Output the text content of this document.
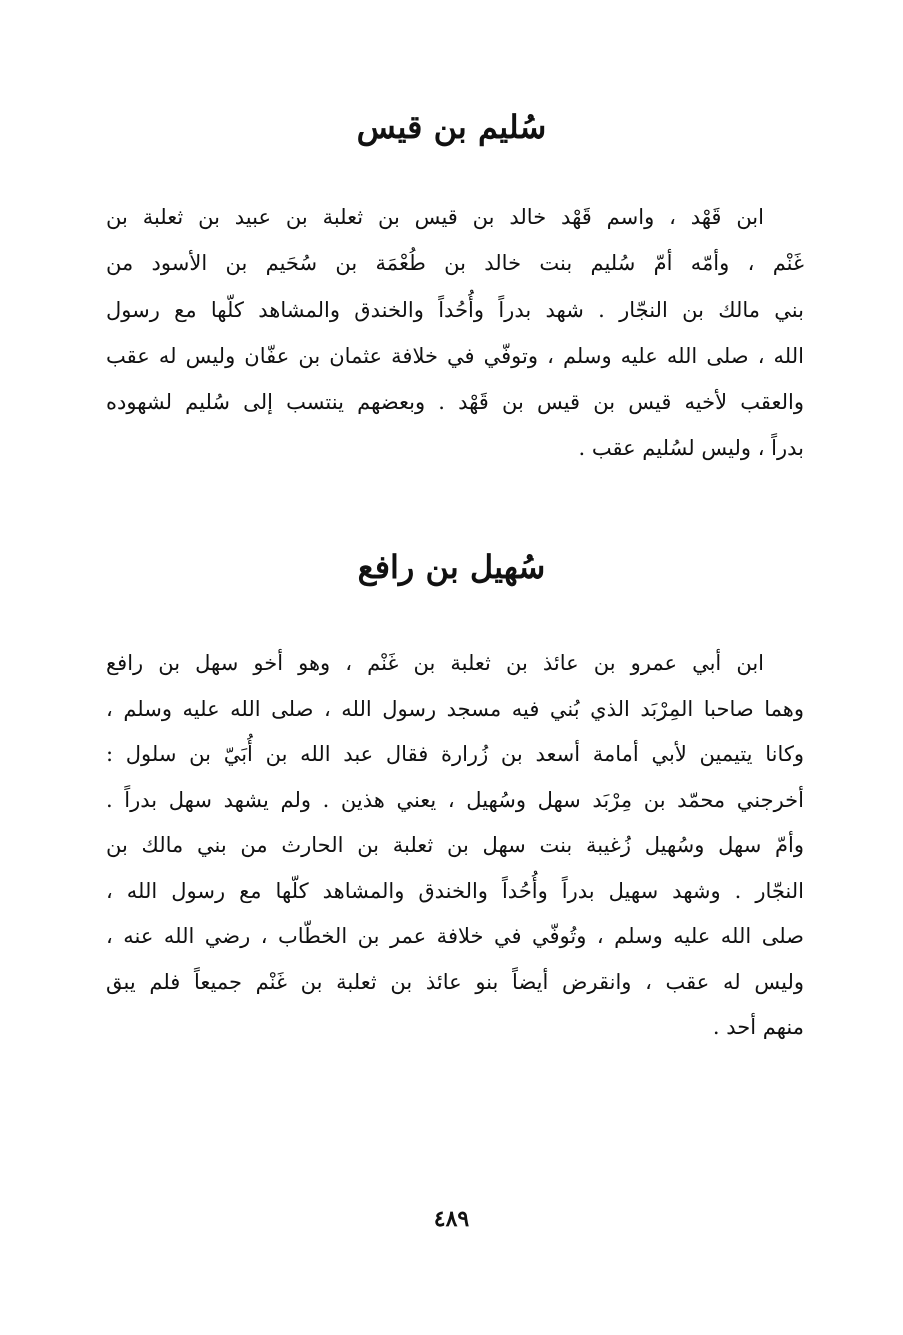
سُليم بن قيس
ابن قَهْد ، واسم قَهْد خالد بن قيس بن ثعلبة بن عبيد بن ثعلبة بن
غَنْم ، وأمّه أمّ سُليم بنت خالد بن طُعْمَة بن سُحَيم بن الأسود من
بني مالك بن النجّار . شهد بدراً وأُحُداً والخندق والمشاهد كلّها مع رسول
الله ، صلى الله عليه وسلم ، وتوفّي في خلافة عثمان بن عفّان وليس له عقب
والعقب لأخيه قيس بن قيس بن قَهْد . وبعضهم ينتسب إلى سُليم لشهوده
بدراً ، وليس لسُليم عقب .
سُهيل بن رافع
ابن أبي عمرو بن عائذ بن ثعلبة بن غَنْم ، وهو أخو سهل بن رافع
وهما صاحبا المِرْبَد الذي بُني فيه مسجد رسول الله ، صلى الله عليه وسلم ،
وكانا يتيمين لأبي أمامة أسعد بن زُرارة فقال عبد الله بن أُبَيّ بن سلول :
أخرجني محمّد بن مِرْبَد سهل وسُهيل ، يعني هذين . ولم يشهد سهل بدراً .
وأمّ سهل وسُهيل زُغيبة بنت سهل بن ثعلبة بن الحارث من بني مالك بن
النجّار . وشهد سهيل بدراً وأُحُداً والخندق والمشاهد كلّها مع رسول الله ،
صلى الله عليه وسلم ، وتُوفّي في خلافة عمر بن الخطّاب ، رضي الله عنه ،
وليس له عقب ، وانقرض أيضاً بنو عائذ بن ثعلبة بن غَنْم جميعاً فلم يبق
منهم أحد .
٤٨٩
